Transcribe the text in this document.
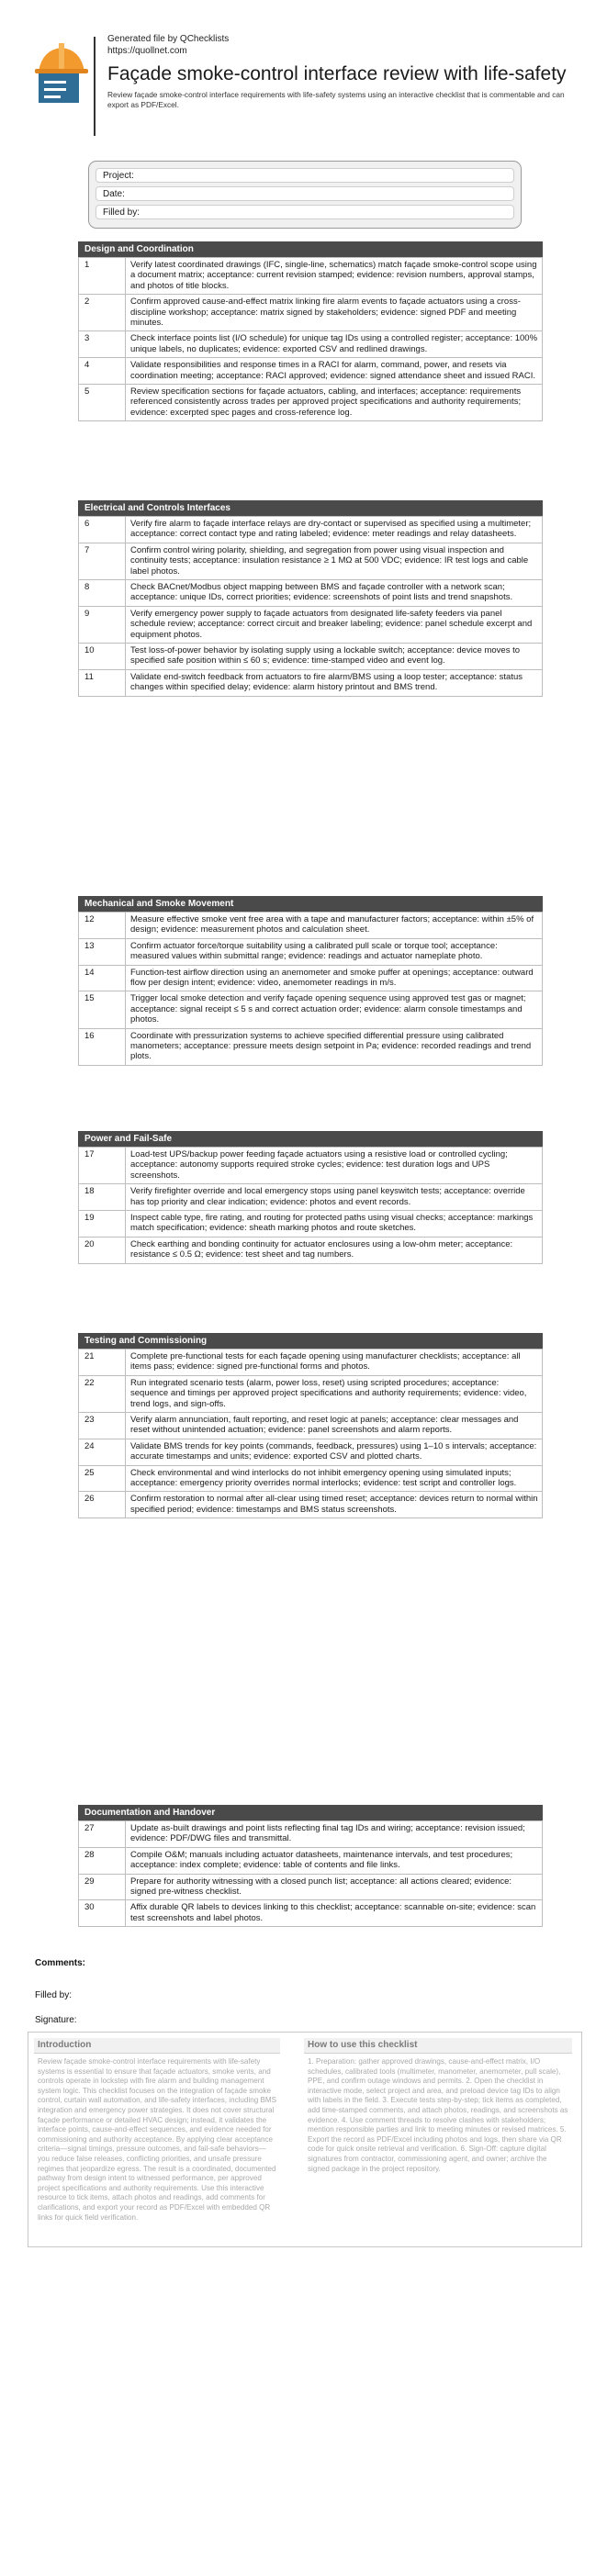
Generated file by QChecklists
https://quollnet.com
Façade smoke-control interface review with life-safety
Review façade smoke-control interface requirements with life-safety systems using an interactive checklist that is commentable and can export as PDF/Excel.
Project:
Date:
Filled by:
Design and Coordination
1	Verify latest coordinated drawings (IFC, single-line, schematics) match façade smoke-control scope using a document matrix; acceptance: current revision stamped; evidence: revision numbers, approval stamps, and photos of title blocks.
2	Confirm approved cause-and-effect matrix linking fire alarm events to façade actuators using a cross-discipline workshop; acceptance: matrix signed by stakeholders; evidence: signed PDF and meeting minutes.
3	Check interface points list (I/O schedule) for unique tag IDs using a controlled register; acceptance: 100% unique labels, no duplicates; evidence: exported CSV and redlined drawings.
4	Validate responsibilities and response times in a RACI for alarm, command, power, and resets via coordination meeting; acceptance: RACI approved; evidence: signed attendance sheet and issued RACI.
5	Review specification sections for façade actuators, cabling, and interfaces; acceptance: requirements referenced consistently across trades per approved project specifications and authority requirements; evidence: excerpted spec pages and cross-reference log.
Electrical and Controls Interfaces
6	Verify fire alarm to façade interface relays are dry-contact or supervised as specified using a multimeter; acceptance: correct contact type and rating labeled; evidence: meter readings and relay datasheets.
7	Confirm control wiring polarity, shielding, and segregation from power using visual inspection and continuity tests; acceptance: insulation resistance ≥ 1 MΩ at 500 VDC; evidence: IR test logs and cable label photos.
8	Check BACnet/Modbus object mapping between BMS and façade controller with a network scan; acceptance: unique IDs, correct priorities; evidence: screenshots of point lists and trend snapshots.
9	Verify emergency power supply to façade actuators from designated life-safety feeders via panel schedule review; acceptance: correct circuit and breaker labeling; evidence: panel schedule excerpt and equipment photos.
10	Test loss-of-power behavior by isolating supply using a lockable switch; acceptance: device moves to specified safe position within ≤ 60 s; evidence: time-stamped video and event log.
11	Validate end-switch feedback from actuators to fire alarm/BMS using a loop tester; acceptance: status changes within specified delay; evidence: alarm history printout and BMS trend.
Mechanical and Smoke Movement
12	Measure effective smoke vent free area with a tape and manufacturer factors; acceptance: within ±5% of design; evidence: measurement photos and calculation sheet.
13	Confirm actuator force/torque suitability using a calibrated pull scale or torque tool; acceptance: measured values within submittal range; evidence: readings and actuator nameplate photo.
14	Function-test airflow direction using an anemometer and smoke puffer at openings; acceptance: outward flow per design intent; evidence: video, anemometer readings in m/s.
15	Trigger local smoke detection and verify façade opening sequence using approved test gas or magnet; acceptance: signal receipt ≤ 5 s and correct actuation order; evidence: alarm console timestamps and photos.
16	Coordinate with pressurization systems to achieve specified differential pressure using calibrated manometers; acceptance: pressure meets design setpoint in Pa; evidence: recorded readings and trend plots.
Power and Fail-Safe
17	Load-test UPS/backup power feeding façade actuators using a resistive load or controlled cycling; acceptance: autonomy supports required stroke cycles; evidence: test duration logs and UPS screenshots.
18	Verify firefighter override and local emergency stops using panel keyswitch tests; acceptance: override has top priority and clear indication; evidence: photos and event records.
19	Inspect cable type, fire rating, and routing for protected paths using visual checks; acceptance: markings match specification; evidence: sheath marking photos and route sketches.
20	Check earthing and bonding continuity for actuator enclosures using a low-ohm meter; acceptance: resistance ≤ 0.5 Ω; evidence: test sheet and tag numbers.
Testing and Commissioning
21	Complete pre-functional tests for each façade opening using manufacturer checklists; acceptance: all items pass; evidence: signed pre-functional forms and photos.
22	Run integrated scenario tests (alarm, power loss, reset) using scripted procedures; acceptance: sequence and timings per approved project specifications and authority requirements; evidence: video, trend logs, and sign-offs.
23	Verify alarm annunciation, fault reporting, and reset logic at panels; acceptance: clear messages and reset without unintended actuation; evidence: panel screenshots and alarm reports.
24	Validate BMS trends for key points (commands, feedback, pressures) using 1–10 s intervals; acceptance: accurate timestamps and units; evidence: exported CSV and plotted charts.
25	Check environmental and wind interlocks do not inhibit emergency opening using simulated inputs; acceptance: emergency priority overrides normal interlocks; evidence: test script and controller logs.
26	Confirm restoration to normal after all-clear using timed reset; acceptance: devices return to normal within specified period; evidence: timestamps and BMS status screenshots.
Documentation and Handover
27	Update as-built drawings and point lists reflecting final tag IDs and wiring; acceptance: revision issued; evidence: PDF/DWG files and transmittal.
28	Compile O&M; manuals including actuator datasheets, maintenance intervals, and test procedures; acceptance: index complete; evidence: table of contents and file links.
29	Prepare for authority witnessing with a closed punch list; acceptance: all actions cleared; evidence: signed pre-witness checklist.
30	Affix durable QR labels to devices linking to this checklist; acceptance: scannable on-site; evidence: scan test screenshots and label photos.
Comments:
Filled by:
Signature:
Introduction
Review façade smoke-control interface requirements with life-safety systems is essential to ensure that façade actuators, smoke vents, and controls operate in lockstep with fire alarm and building management system logic. This checklist focuses on the integration of façade smoke control, curtain wall automation, and life-safety interfaces, including BMS integration and emergency power strategies. It does not cover structural façade performance or detailed HVAC design; instead, it validates the interface points, cause-and-effect sequences, and evidence needed for commissioning and authority acceptance. By applying clear acceptance criteria—signal timings, pressure outcomes, and fail-safe behaviors—you reduce false releases, conflicting priorities, and unsafe pressure regimes that jeopardize egress. The result is a coordinated, documented pathway from design intent to witnessed performance, per approved project specifications and authority requirements. Use this interactive resource to tick items, attach photos and readings, add comments for clarifications, and export your record as PDF/Excel with embedded QR links for quick field verification.
How to use this checklist
1. Preparation: gather approved drawings, cause-and-effect matrix, I/O schedules, calibrated tools (multimeter, manometer, anemometer, pull scale), PPE, and confirm outage windows and permits. 2. Open the checklist in interactive mode, select project and area, and preload device tag IDs to align with labels in the field. 3. Execute tests step-by-step; tick items as completed, add time-stamped comments, and attach photos, readings, and screenshots as evidence. 4. Use comment threads to resolve clashes with stakeholders; mention responsible parties and link to meeting minutes or revised matrices. 5. Export the record as PDF/Excel including photos and logs, then share via QR code for quick onsite retrieval and verification. 6. Sign-Off: capture digital signatures from contractor, commissioning agent, and owner; archive the signed package in the project repository.
